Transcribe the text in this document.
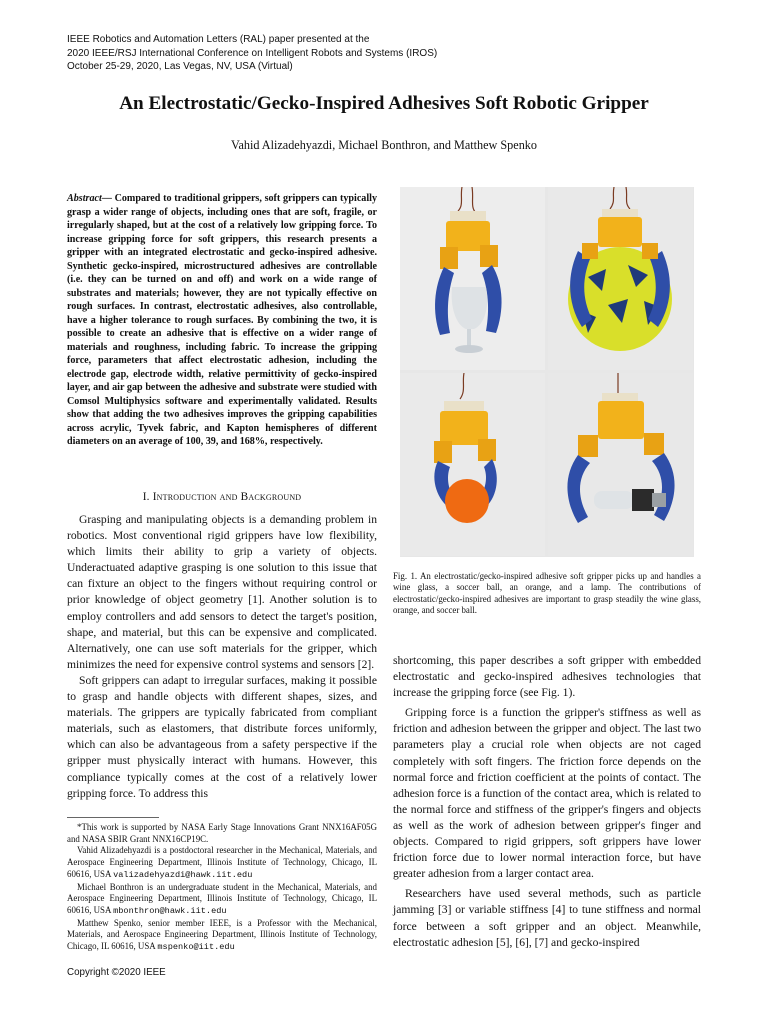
IEEE Robotics and Automation Letters (RAL) paper presented at the
2020 IEEE/RSJ International Conference on Intelligent Robots and Systems (IROS)
October 25-29, 2020, Las Vegas, NV, USA (Virtual)
An Electrostatic/Gecko-Inspired Adhesives Soft Robotic Gripper
Vahid Alizadehyazdi, Michael Bonthron, and Matthew Spenko
Abstract— Compared to traditional grippers, soft grippers can typically grasp a wider range of objects, including ones that are soft, fragile, or irregularly shaped, but at the cost of a relatively low gripping force. To increase gripping force for soft grippers, this research presents a gripper with an integrated electrostatic and gecko-inspired adhesive. Synthetic gecko-inspired, microstructured adhesives are controllable (i.e. they can be turned on and off) and work on a wide range of substrates and materials; however, they are not typically effective on rough surfaces. In contrast, electrostatic adhesives, also controllable, have a higher tolerance to rough surfaces. By combining the two, it is possible to create an adhesive that is effective on a wider range of materials and roughness, including fabric. To increase the gripping force, parameters that affect electrostatic adhesion, including the electrode gap, electrode width, relative permittivity of gecko-inspired layer, and air gap between the adhesive and substrate were studied with Comsol Multiphysics software and experimentally validated. Results show that adding the two adhesives improves the gripping capabilities across acrylic, Tyvek fabric, and Kapton hemispheres of different diameters on an average of 100, 39, and 168%, respectively.
I. Introduction and Background

Grasping and manipulating objects is a demanding problem in robotics. Most conventional rigid grippers have low flexibility, which limits their ability to grip a variety of objects. Underactuated adaptive grasping is one solution to this issue that can fixture an object to the fingers without requiring control or prior knowledge of object geometry [1]. Another solution is to employ controllers and add sensors to detect the target's position, shape, and material, but this can be expensive and complicated. Alternatively, one can use soft materials for the gripper, which minimizes the need for expensive control systems and sensors [2].

Soft grippers can adapt to irregular surfaces, making it possible to grasp and handle objects with different shapes, sizes, and materials. The grippers are typically fabricated from compliant materials, such as elastomers, that distribute forces uniformly, which can also be advantageous from a safety perspective if the gripper must physically interact with humans. However, this compliance typically comes at the cost of a relatively lower gripping force. To address this

*This work is supported by NASA Early Stage Innovations Grant NNX16AF05G and NASA SBIR Grant NNX16CP19C.

Vahid Alizadehyazdi is a postdoctoral researcher in the Mechanical, Materials, and Aerospace Engineering Department, Illinois Institute of Technology, Chicago, IL 60616, USA valizadehyazdi@hawk.iit.edu

Michael Bonthron is an undergraduate student in the Mechanical, Materials, and Aerospace Engineering Department, Illinois Institute of Technology, Chicago, IL 60616, USA mbonthron@hawk.iit.edu

Matthew Spenko, senior member IEEE, is a Professor with the Mechanical, Materials, and Aerospace Engineering Department, Illinois Institute of Technology, Chicago, IL 60616, USA mspenko@iit.edu

Copyright ©2020 IEEE
Fig. 1. An electrostatic/gecko-inspired adhesive soft gripper picks up and handles a wine glass, a soccer ball, an orange, and a lamp. The contributions of electrostatic/gecko-inspired adhesives are important to grasp steadily the wine glass, orange, and soccer ball.

shortcoming, this paper describes a soft gripper with embedded electrostatic and gecko-inspired adhesives technologies that increase the gripping force (see Fig. 1).

Gripping force is a function the gripper's stiffness as well as friction and adhesion between the gripper and object. The last two parameters play a crucial role when objects are not caged completely with soft fingers. The friction force depends on the normal force and friction coefficient at the points of contact. The adhesion force is a function of the contact area, which is related to the normal force and stiffness of the gripper's fingers and objects as well as the work of adhesion between gripper's finger and objects. Compared to rigid grippers, soft grippers have lower friction force due to lower normal interaction force, but have greater adhesion from a larger contact area.

Researchers have used several methods, such as particle jamming [3] or variable stiffness [4] to tune stiffness and normal force between a soft gripper and an object. Meanwhile, electrostatic adhesion [5], [6], [7] and gecko-inspired
